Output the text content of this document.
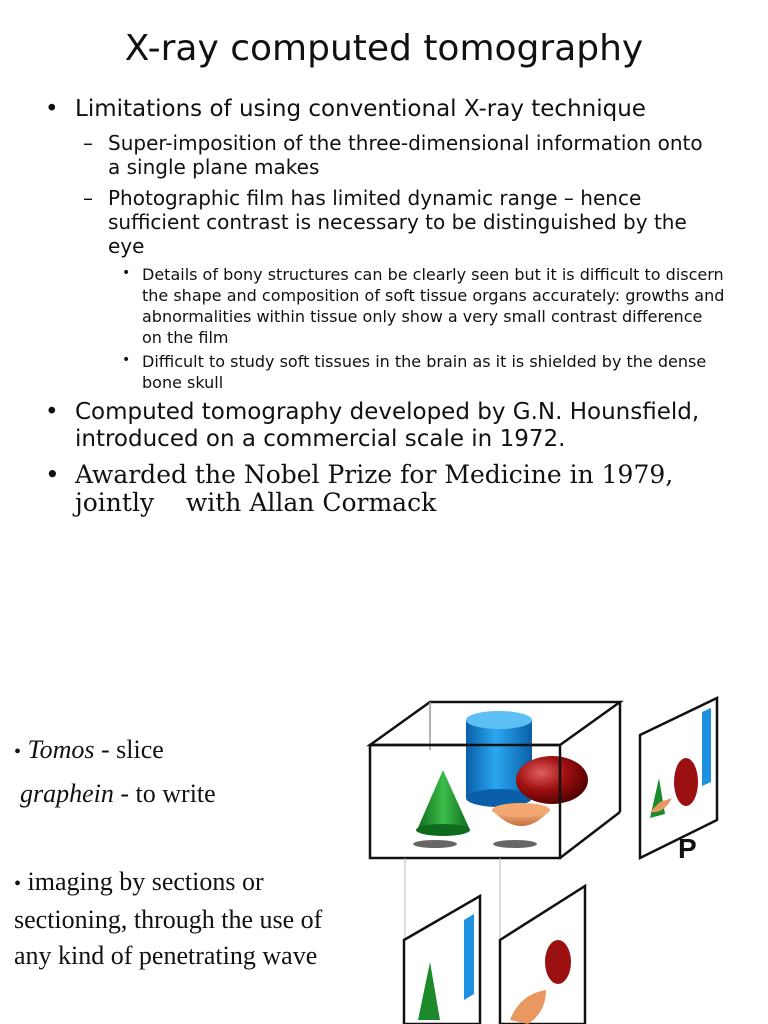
X-ray computed tomography
• Limitations of using conventional X-ray technique
– Super-imposition of the three-dimensional information onto a single plane makes
– Photographic film has limited dynamic range – hence sufficient contrast is necessary to be distinguished by the eye
• Details of bony structures can be clearly seen but it is difficult to discern the shape and composition of soft tissue organs accurately: growths and abnormalities within tissue only show a very small contrast difference on the film
• Difficult to study soft tissues in the brain as it is shielded by the dense bone skull
• Computed tomography developed by G.N. Hounsfield, introduced on a commercial scale in 1972.
• Awarded the Nobel Prize for Medicine in 1979, jointly    with Allan Cormack
• Tomos - slice
graphein - to write
• imaging by sections or sectioning, through the use of any kind of penetrating wave
P
